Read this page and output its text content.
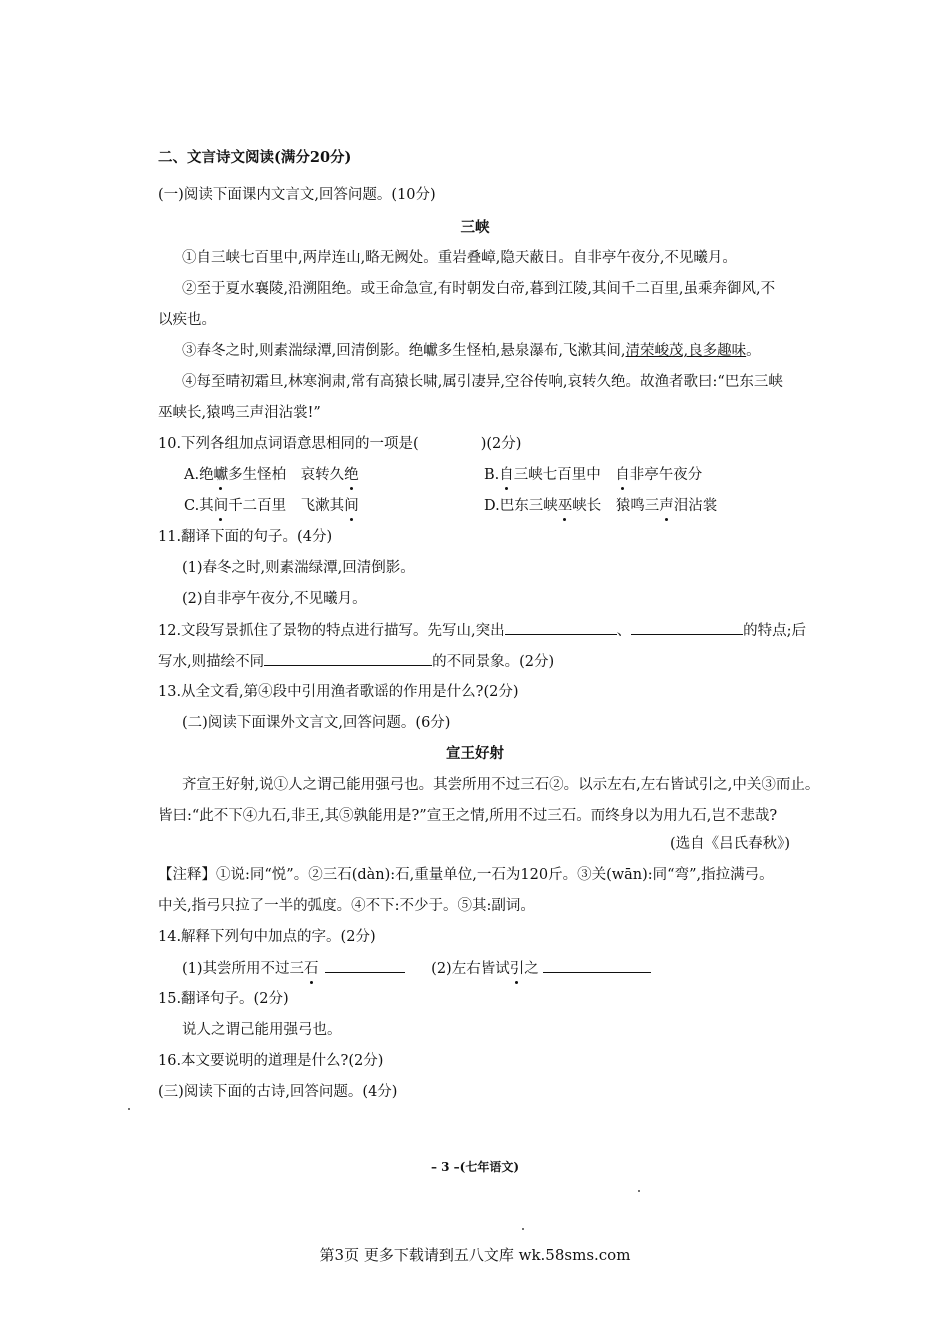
二、文言诗文阅读(满分20分)
(一)阅读下面课内文言文,回答问题。(10分)
三峡
①自三峡七百里中,两岸连山,略无阙处。重岩叠嶂,隐天蔽日。自非亭午夜分,不见曦月。
②至于夏水襄陵,沿溯阻绝。或王命急宣,有时朝发白帝,暮到江陵,其间千二百里,虽乘奔御风,不
以疾也。
③春冬之时,则素湍绿潭,回清倒影。绝巘多生怪柏,悬泉瀑布,飞漱其间,清荣峻茂,良多趣味。
④每至晴初霜旦,林寒涧肃,常有高猿长啸,属引凄异,空谷传响,哀转久绝。故渔者歌曰:“巴东三峡
巫峡长,猿鸣三声泪沾裳!”
10.下列各组加点词语意思相同的一项是(	)(2分)
A.绝巘多生怪柏　哀转久绝	B.自三峡七百里中　自非亭午夜分
C.其间千二百里　飞漱其间	D.巴东三峡巫峡长　猿鸣三声泪沾裳
11.翻译下面的句子。(4分)
(1)春冬之时,则素湍绿潭,回清倒影。
(2)自非亭午夜分,不见曦月。
12.文段写景抓住了景物的特点进行描写。先写山,突出	、	的特点;后
写水,则描绘不同	的不同景象。(2分)
13.从全文看,第④段中引用渔者歌谣的作用是什么?(2分)
(二)阅读下面课外文言文,回答问题。(6分)
宣王好射
齐宣王好射,说①人之谓己能用强弓也。其尝所用不过三石②。以示左右,左右皆试引之,中关③而止。
皆曰:“此不下④九石,非王,其⑤孰能用是?”宣王之情,所用不过三石。而终身以为用九石,岂不悲哉?
(选自《吕氏春秋》)
【注释】①说:同“悦”。②三石(dàn):石,重量单位,一石为120斤。③关(wān):同“弯”,指拉满弓。
中关,指弓只拉了一半的弧度。④不下:不少于。⑤其:副词。
14.解释下列句中加点的字。(2分)
(1)其尝所用不过三石	(2)左右皆试引之
15.翻译句子。(2分)
说人之谓己能用强弓也。
16.本文要说明的道理是什么?(2分)
(三)阅读下面的古诗,回答问题。(4分)
– 3 –(七年语文)
第3页 更多下载请到五八文库 wk.58sms.com
